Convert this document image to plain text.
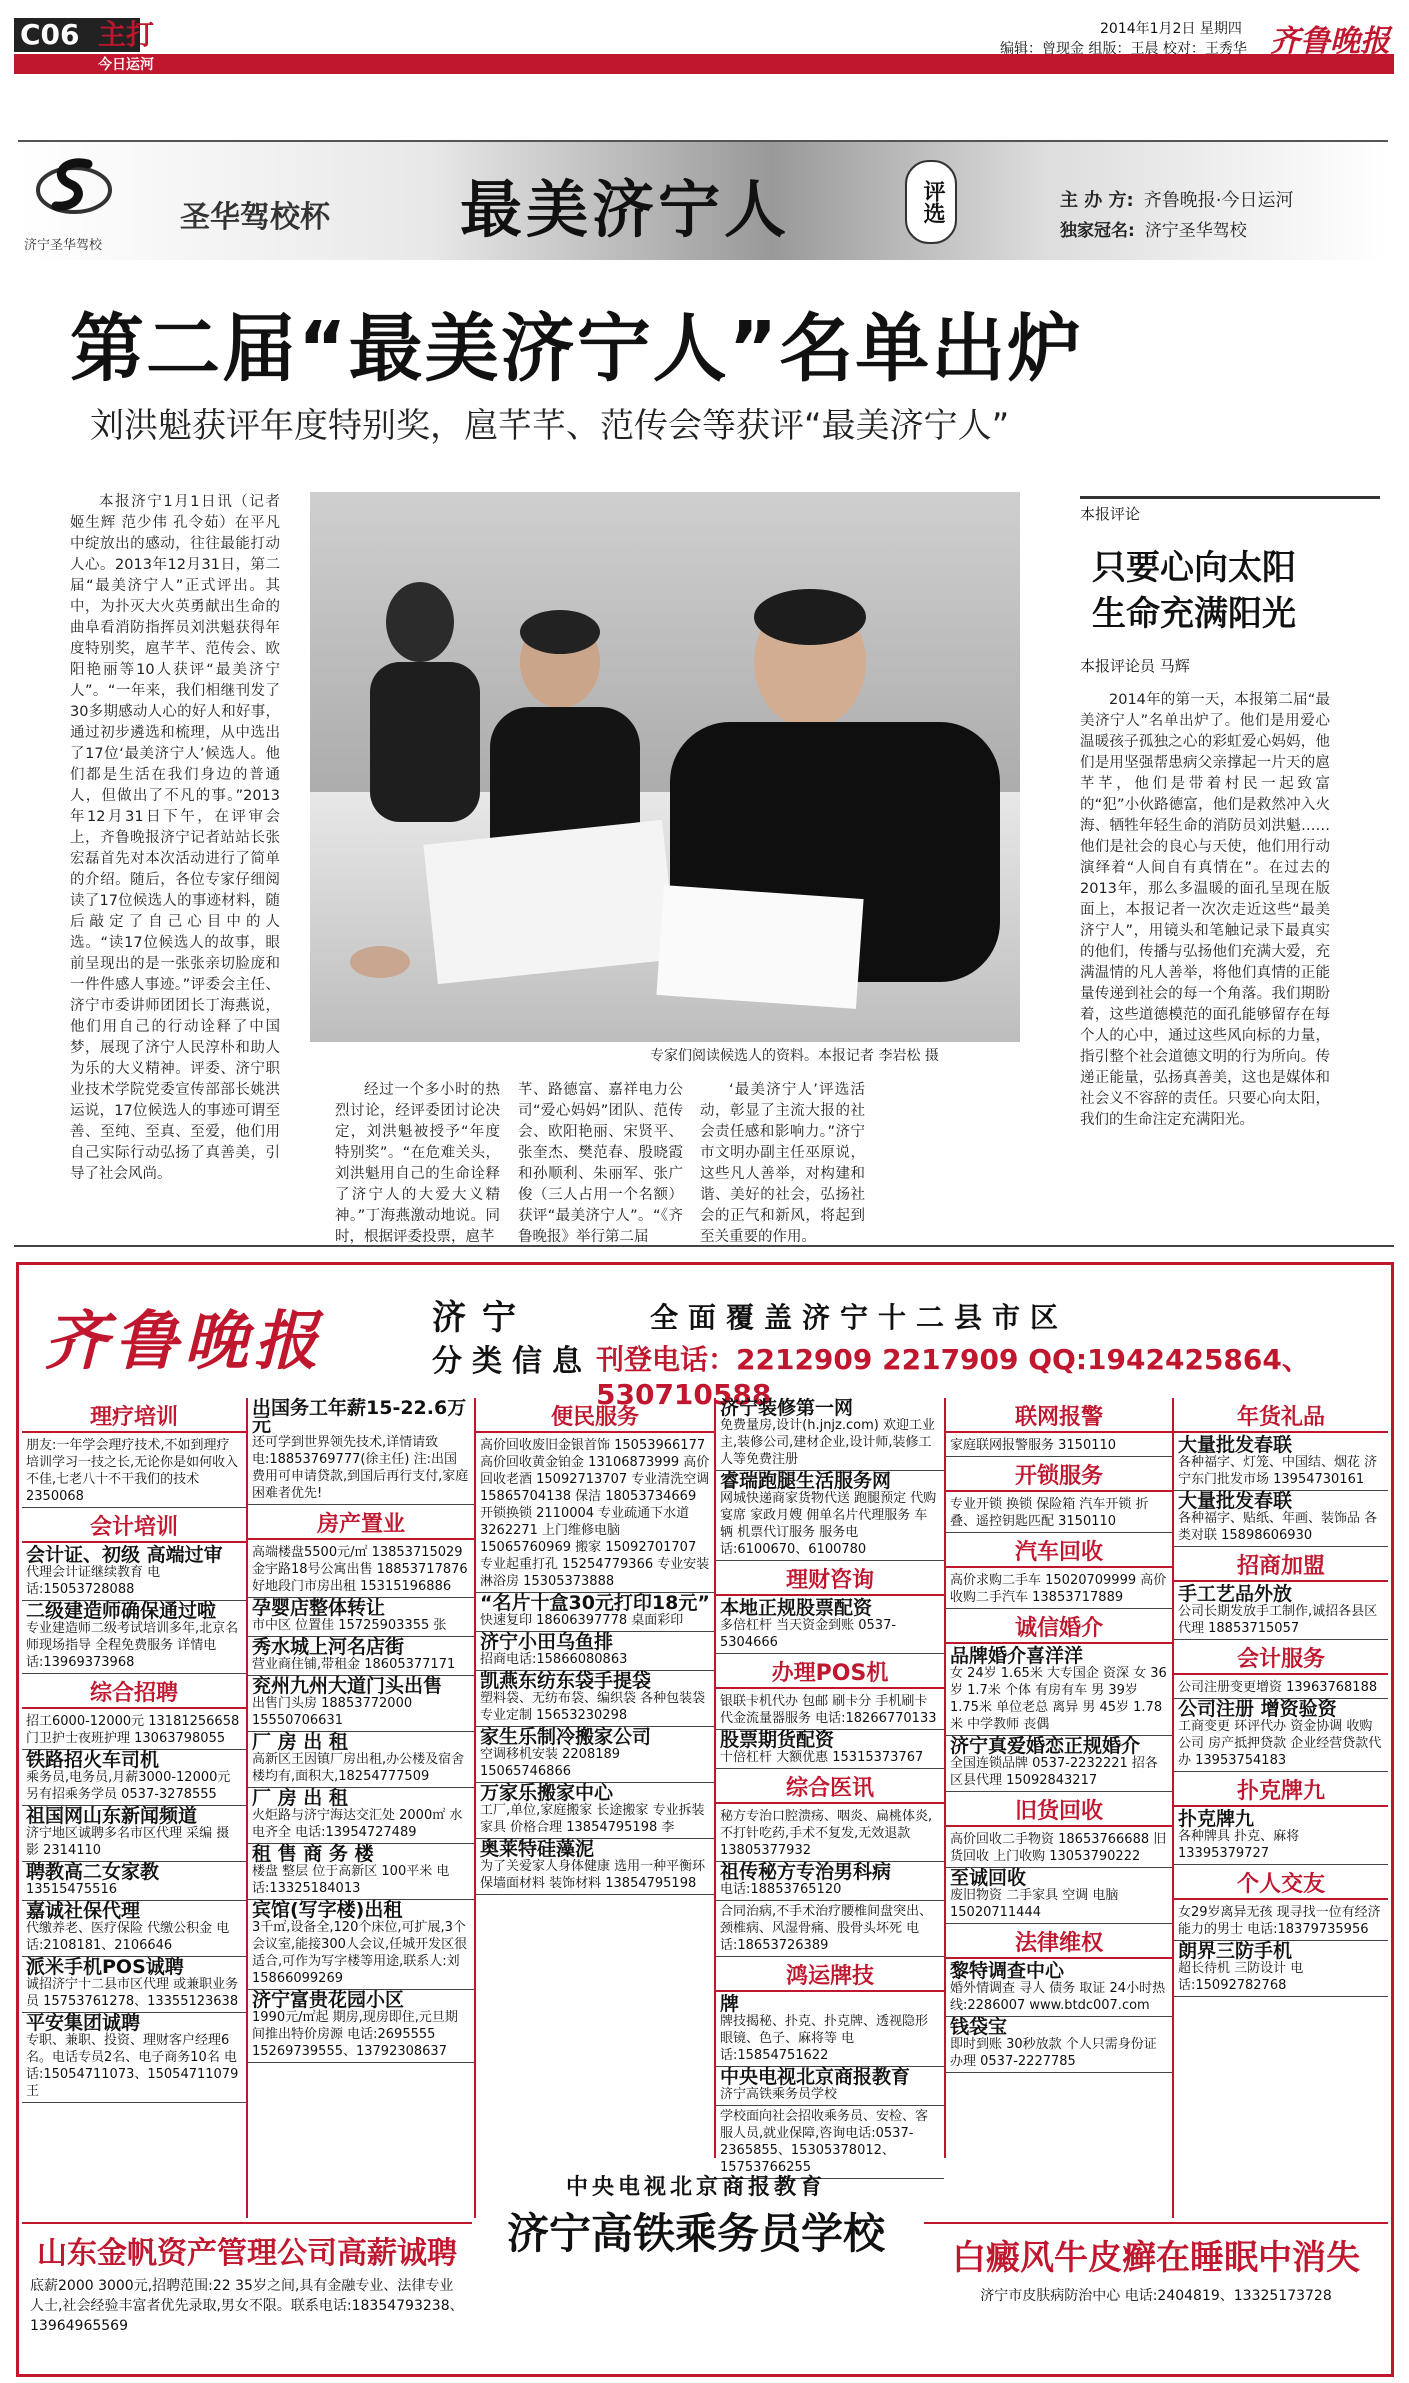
C06 主打
今日运河
2014年1月2日 星期四
编辑：曾现金 组版：王晨 校对：王秀华 齐鲁晚报
济宁圣华驾校
圣华驾校杯 最美济宁人	评选	主 办 方: 齐鲁晚报·今日运河
独家冠名: 济宁圣华驾校
第二届“最美济宁人”名单出炉
刘洪魁获评年度特别奖，扈芊芊、范传会等获评“最美济宁人”
本报济宁1月1日讯（记者 姬生辉 范少伟 孔令茹）在平凡中绽放出的感动，往往最能打动人心。2013年12月31日，第二届“最美济宁人”正式评出。其中，为扑灭大火英勇献出生命的曲阜看消防指挥员刘洪魁获得年度特别奖，扈芊芊、范传会、欧阳艳丽等10人获评“最美济宁人”。“一年来，我们相继刊发了30多期感动人心的好人和好事，通过初步遴选和梳理，从中选出了17位‘最美济宁人’候选人。他们都是生活在我们身边的普通人，但做出了不凡的事。”2013年12月31日下午，在评审会上，齐鲁晚报济宁记者站站长张宏磊首先对本次活动进行了简单的介绍。随后，各位专家仔细阅读了17位候选人的事迹材料，随后敲定了自己心目中的人选。“读17位候选人的故事，眼前呈现出的是一张张亲切脸庞和一件件感人事迹。”评委会主任、济宁市委讲师团团长丁海燕说，他们用自己的行动诠释了中国梦，展现了济宁人民淳朴和助人为乐的大义精神。评委、济宁职业技术学院党委宣传部部长姚洪运说，17位候选人的事迹可谓至善、至纯、至真、至爱，他们用自己实际行动弘扬了真善美，引导了社会风尚。
专家们阅读候选人的资料。本报记者 李岩松 摄
经过一个多小时的热烈讨论，经评委团讨论决定，刘洪魁被授予“年度特别奖”。“在危难关头，刘洪魁用自己的生命诠释了济宁人的大爱大义精神。”丁海燕激动地说。同时，根据评委投票，扈芊
芊、路德富、嘉祥电力公司“爱心妈妈”团队、范传会、欧阳艳丽、宋贤平、张奎杰、樊范春、殷晓霞和孙顺利、朱丽军、张广俊（三人占用一个名额）获评“最美济宁人”。“《齐鲁晚报》举行第二届
‘最美济宁人’评选活动，彰显了主流大报的社会责任感和影响力。”济宁市文明办副主任巫原说，这些凡人善举，对构建和谐、美好的社会，弘扬社会的正气和新风，将起到至关重要的作用。
本报评论
只要心向太阳
生命充满阳光
本报评论员 马辉
2014年的第一天，本报第二届“最美济宁人”名单出炉了。他们是用爱心温暖孩子孤独之心的彩虹爱心妈妈，他们是用坚强帮患病父亲撑起一片天的扈芊芊，他们是带着村民一起致富的“犯”小伙路德富，他们是救然冲入火海、牺牲年轻生命的消防员刘洪魁……他们是社会的良心与天使，他们用行动演绎着“人间自有真情在”。在过去的2013年，那么多温暖的面孔呈现在版面上，本报记者一次次走近这些“最美济宁人”，用镜头和笔触记录下最真实的他们，传播与弘扬他们充满大爱，充满温情的凡人善举，将他们真情的正能量传递到社会的每一个角落。我们期盼着，这些道德模范的面孔能够留存在每个人的心中，通过这些风向标的力量，指引整个社会道德文明的行为所向。传递正能量，弘扬真善美，这也是媒体和社会义不容辞的责任。只要心向太阳，我们的生命注定充满阳光。
齐鲁晚报	济宁
分类信息
全面覆盖济宁十二县市区
刊登电话：2212909 2217909 QQ:1942425864、530710588
理疗培训
朋友:一年学会理疗技术,不如到理疗培训学习一技之长,无论你是如何收入不佳,七老八十不干我们的技术 2350068
会计培训
会计证、初级 高端过审
代理会计证继续教育 电话:15053728088
二级建造师确保通过啦
专业建造师二级考试培训多年,北京名师现场指导 全程免费服务 详情电话:13969373968
综合招聘
招工6000-12000元 13181256658 门卫护士夜班护理 13063798055
铁路招火车司机
乘务员,电务员,月薪3000-12000元 另有招乘务学员 0537-3278555
祖国网山东新闻频道
济宁地区诚聘多名市区代理 采编 摄影 2314110
聘教高二女家教
13515475516
嘉诚社保代理
代缴养老、医疗保险 代缴公积金 电话:2108181、2106646
派米手机POS诚聘
诚招济宁十二县市区代理 或兼职业务员 15753761278、13355123638
平安集团诚聘
专职、兼职、投资、理财客户经理6名。电话专员2名、电子商务10名 电话:15054711073、15054711079王
出国务工年薪15-22.6万元
还可学到世界领先技术,详情请致电:18853769777(徐主任) 注:出国费用可申请贷款,到国后再行支付,家庭困难者优先!
房产置业
高端楼盘5500元/㎡ 13853715029 金宇路18号公寓出售 18853717876 好地段门市房出租 15315196886
孕婴店整体转让
市中区 位置佳 15725903355 张
秀水城上河名店街
营业商住铺,带租金 18605377171
兖州九州大道门头出售
出售门头房 18853772000 15550706631
厂 房 出 租
高新区王因镇厂房出租,办公楼及宿舍楼均有,面积大,18254777509
厂 房 出 租
火炬路与济宁海达交汇处 2000㎡ 水电齐全 电话:13954727489
租 售 商 务 楼
楼盘 整层 位于高新区 100平米 电话:13325184013
宾馆(写字楼)出租
3千㎡,设备全,120个床位,可扩展,3个会议室,能接300人会议,任城开发区很适合,可作为写字楼等用途,联系人:刘 15866099269
济宁富贵花园小区
1990元/㎡起 期房,现房即住,元旦期间推出特价房源 电话:2695555 15269739555、13792308637
便民服务
高价回收废旧金银首饰 15053966177 高价回收黄金铂金 13106873999 高价回收老酒 15092713707 专业清洗空调 15865704138 保洁 18053734669 开锁换锁 2110004 专业疏通下水道 3262271 上门维修电脑 15065760969 搬家 15092701707 专业起重打孔 15254779366 专业安装淋浴房 15305373888
“名片十盒30元打印18元”
快速复印 18606397778 桌面彩印
济宁小田乌鱼排
招商电话:15866080863
凯燕东纺东袋手提袋
塑料袋、无纺布袋、编织袋 各种包装袋 专业定制 15653230298
家生乐制冷搬家公司
空调移机安装 2208189 15065746866
万家乐搬家中心
工厂,单位,家庭搬家 长途搬家 专业拆装家具 价格合理 13854795198 李
奥莱特硅藻泥
为了关爱家人身体健康 选用一种平衡环保墙面材料 装饰材料 13854795198
济宁装修第一网
免费量房,设计(h.jnjz.com) 欢迎工业主,装修公司,建材企业,设计师,装修工人等免费注册
睿瑞跑腿生活服务网
网城快递商家货物代送 跑腿预定 代购宴席 家政月嫂 佣单名片代理服务 车辆 机票代订服务 服务电话:6100670、6100780
理财咨询
本地正规股票配资
多倍杠杆 当天资金到账 0537-5304666
办理POS机
银联卡机代办 包邮 刷卡分 手机刷卡 代金流量器服务 电话:18266770133
股票期货配资
十倍杠杆 大额优惠 15315373767
综合医讯
秘方专治口腔溃疡、咽炎、扁桃体炎,不打针吃药,手术不复发,无效退款 13805377932
祖传秘方专治男科病
电话:18853765120
合同治病,不手术治疗腰椎间盘突出、颈椎病、风湿骨痛、股骨头坏死 电话:18653726389
鸿运牌技
牌
牌技揭秘、扑克、扑克牌、透视隐形眼镜、色子、麻将等 电话:15854751622
中央电视北京商报教育
济宁高铁乘务员学校
学校面向社会招收乘务员、安检、客服人员,就业保障,咨询电话:0537-2365855、15305378012、15753766255
联网报警
家庭联网报警服务 3150110
开锁服务
专业开锁 换锁 保险箱 汽车开锁 折叠、遥控钥匙匹配 3150110
汽车回收
高价求购二手车 15020709999 高价收购二手汽车 13853717889
诚信婚介
品牌婚介喜洋洋
女 24岁 1.65米 大专国企 资深 女 36岁 1.7米 个体 有房有车 男 39岁 1.75米 单位老总 离异 男 45岁 1.78米 中学教师 丧偶
济宁真爱婚恋正规婚介
全国连锁品牌 0537-2232221 招各区县代理 15092843217
旧货回收
高价回收二手物资 18653766688 旧货回收 上门收购 13053790222
至诚回收
废旧物资 二手家具 空调 电脑 15020711444
法律维权
黎特调查中心
婚外情调查 寻人 债务 取证 24小时热线:2286007 www.btdc007.com
钱袋宝
即时到账 30秒放款 个人只需身份证办理 0537-2227785
年货礼品
大量批发春联
各种福字、灯笼、中国结、烟花 济宁东门批发市场 13954730161
大量批发春联
各种福字、贴纸、年画、装饰品 各类对联 15898606930
招商加盟
手工艺品外放
公司长期发放手工制作,诚招各县区代理 18853715057
会计服务
公司注册变更增资 13963768188
公司注册 增资验资
工商变更 环评代办 资金协调 收购公司 房产抵押贷款 企业经营贷款代办 13953754183
扑克牌九
扑克牌九
各种牌具 扑克、麻将 13395379727
个人交友
女29岁离异无孩 现寻找一位有经济能力的男士 电话:18379735956
朗界三防手机
超长待机 三防设计 电话:15092782768
山东金帆资产管理公司高薪诚聘
底薪2000 3000元,招聘范围:22 35岁之间,具有金融专业、法律专业人士,社会经验丰富者优先录取,男女不限。联系电话:18354793238、13964965569
中央电视北京商报教育
济宁高铁乘务员学校	白癜风牛皮癣在睡眠中消失
济宁市皮肤病防治中心 电话:2404819、13325173728
